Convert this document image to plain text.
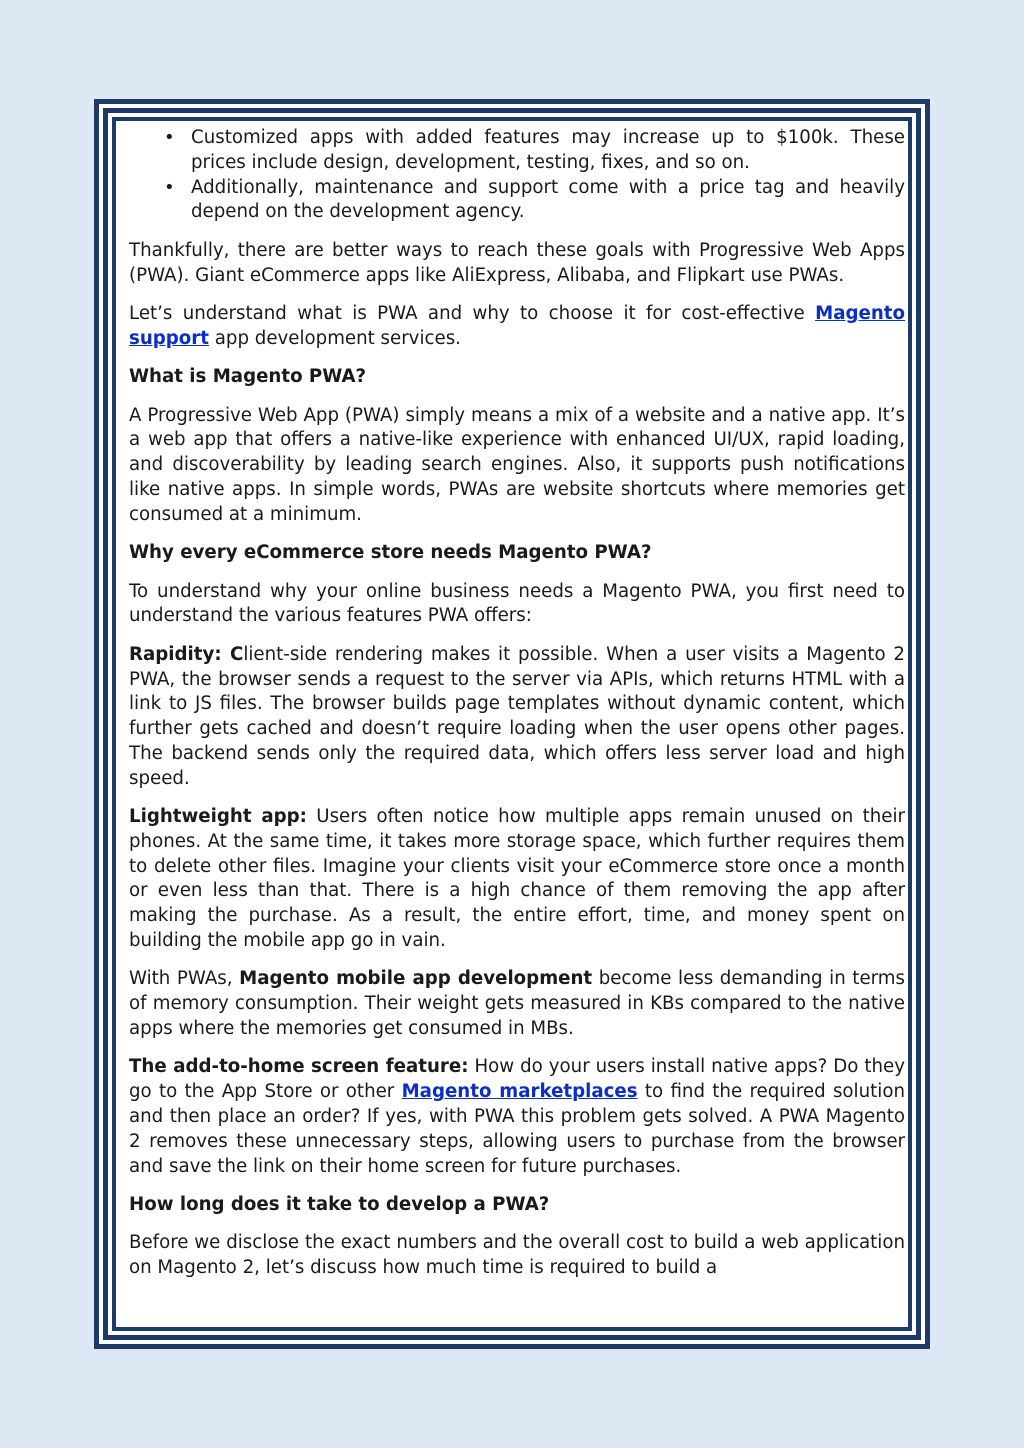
• Customized apps with added features may increase up to $100k. These prices include design, development, testing, fixes, and so on.
• Additionally, maintenance and support come with a price tag and heavily depend on the development agency.

Thankfully, there are better ways to reach these goals with Progressive Web Apps (PWA). Giant eCommerce apps like AliExpress, Alibaba, and Flipkart use PWAs.

Let’s understand what is PWA and why to choose it for cost-effective Magento support app development services.

What is Magento PWA?

A Progressive Web App (PWA) simply means a mix of a website and a native app. It’s a web app that offers a native-like experience with enhanced UI/UX, rapid loading, and discoverability by leading search engines. Also, it supports push notifications like native apps. In simple words, PWAs are website shortcuts where memories get consumed at a minimum.

Why every eCommerce store needs Magento PWA?

To understand why your online business needs a Magento PWA, you first need to understand the various features PWA offers:

Rapidity: Client-side rendering makes it possible. When a user visits a Magento 2 PWA, the browser sends a request to the server via APIs, which returns HTML with a link to JS files. The browser builds page templates without dynamic content, which further gets cached and doesn’t require loading when the user opens other pages. The backend sends only the required data, which offers less server load and high speed.

Lightweight app: Users often notice how multiple apps remain unused on their phones. At the same time, it takes more storage space, which further requires them to delete other files. Imagine your clients visit your eCommerce store once a month or even less than that. There is a high chance of them removing the app after making the purchase. As a result, the entire effort, time, and money spent on building the mobile app go in vain.

With PWAs, Magento mobile app development become less demanding in terms of memory consumption. Their weight gets measured in KBs compared to the native apps where the memories get consumed in MBs.

The add-to-home screen feature: How do your users install native apps? Do they go to the App Store or other Magento marketplaces to find the required solution and then place an order? If yes, with PWA this problem gets solved. A PWA Magento 2 removes these unnecessary steps, allowing users to purchase from the browser and save the link on their home screen for future purchases.

How long does it take to develop a PWA?

Before we disclose the exact numbers and the overall cost to build a web application on Magento 2, let’s discuss how much time is required to build a
